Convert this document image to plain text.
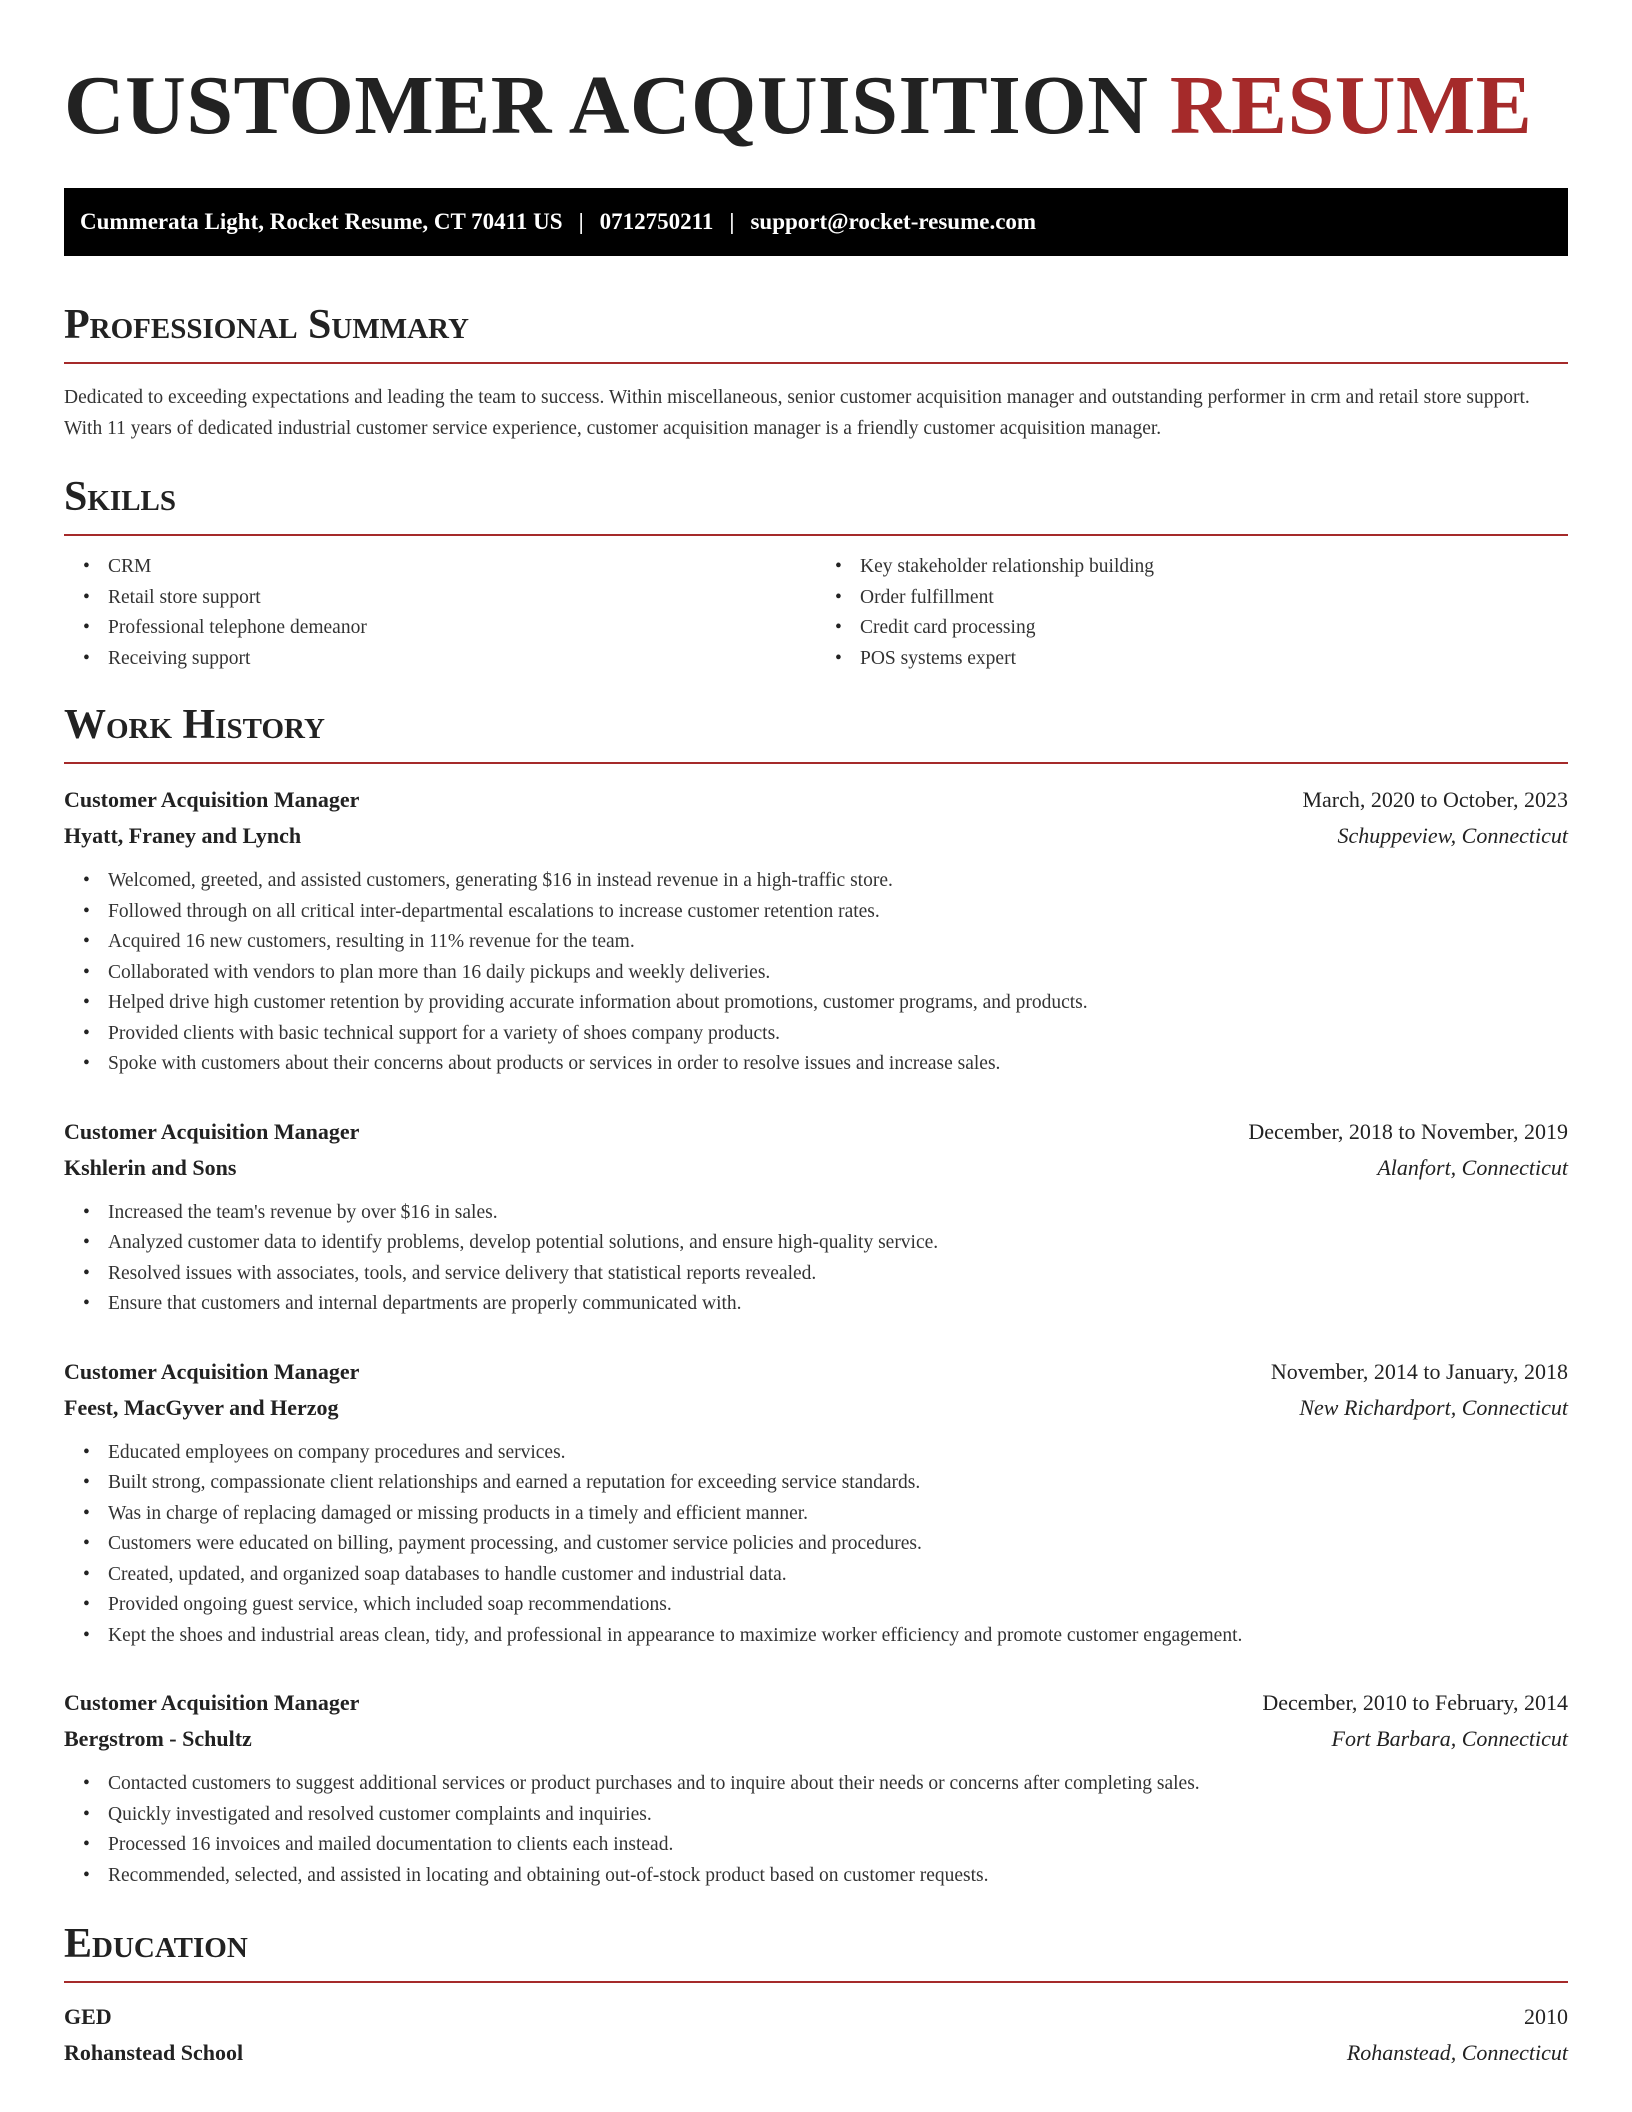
CUSTOMER ACQUISITION RESUME
Cummerata Light, Rocket Resume, CT 70411 US | 0712750211 | support@rocket-resume.com
Professional Summary

Dedicated to exceeding expectations and leading the team to success. Within miscellaneous, senior customer acquisition manager and outstanding performer in crm and retail store support. With 11 years of dedicated industrial customer service experience, customer acquisition manager is a friendly customer acquisition manager.

Skills
• CRM
• Retail store support
• Professional telephone demeanor
• Receiving support
• Key stakeholder relationship building
• Order fulfillment
• Credit card processing
• POS systems expert
Work History
Customer Acquisition Manager	March, 2020 to October, 2023
Hyatt, Franey and Lynch	Schuppeview, Connecticut
• Welcomed, greeted, and assisted customers, generating $16 in instead revenue in a high-traffic store.
• Followed through on all critical inter-departmental escalations to increase customer retention rates.
• Acquired 16 new customers, resulting in 11% revenue for the team.
• Collaborated with vendors to plan more than 16 daily pickups and weekly deliveries.
• Helped drive high customer retention by providing accurate information about promotions, customer programs, and products.
• Provided clients with basic technical support for a variety of shoes company products.
• Spoke with customers about their concerns about products or services in order to resolve issues and increase sales.
Customer Acquisition Manager	December, 2018 to November, 2019
Kshlerin and Sons	Alanfort, Connecticut
• Increased the team's revenue by over $16 in sales.
• Analyzed customer data to identify problems, develop potential solutions, and ensure high-quality service.
• Resolved issues with associates, tools, and service delivery that statistical reports revealed.
• Ensure that customers and internal departments are properly communicated with.
Customer Acquisition Manager	November, 2014 to January, 2018
Feest, MacGyver and Herzog	New Richardport, Connecticut
• Educated employees on company procedures and services.
• Built strong, compassionate client relationships and earned a reputation for exceeding service standards.
• Was in charge of replacing damaged or missing products in a timely and efficient manner.
• Customers were educated on billing, payment processing, and customer service policies and procedures.
• Created, updated, and organized soap databases to handle customer and industrial data.
• Provided ongoing guest service, which included soap recommendations.
• Kept the shoes and industrial areas clean, tidy, and professional in appearance to maximize worker efficiency and promote customer engagement.
Customer Acquisition Manager	December, 2010 to February, 2014
Bergstrom - Schultz	Fort Barbara, Connecticut
• Contacted customers to suggest additional services or product purchases and to inquire about their needs or concerns after completing sales.
• Quickly investigated and resolved customer complaints and inquiries.
• Processed 16 invoices and mailed documentation to clients each instead.
• Recommended, selected, and assisted in locating and obtaining out-of-stock product based on customer requests.
Education
GED	2010
Rohanstead School	Rohanstead, Connecticut
